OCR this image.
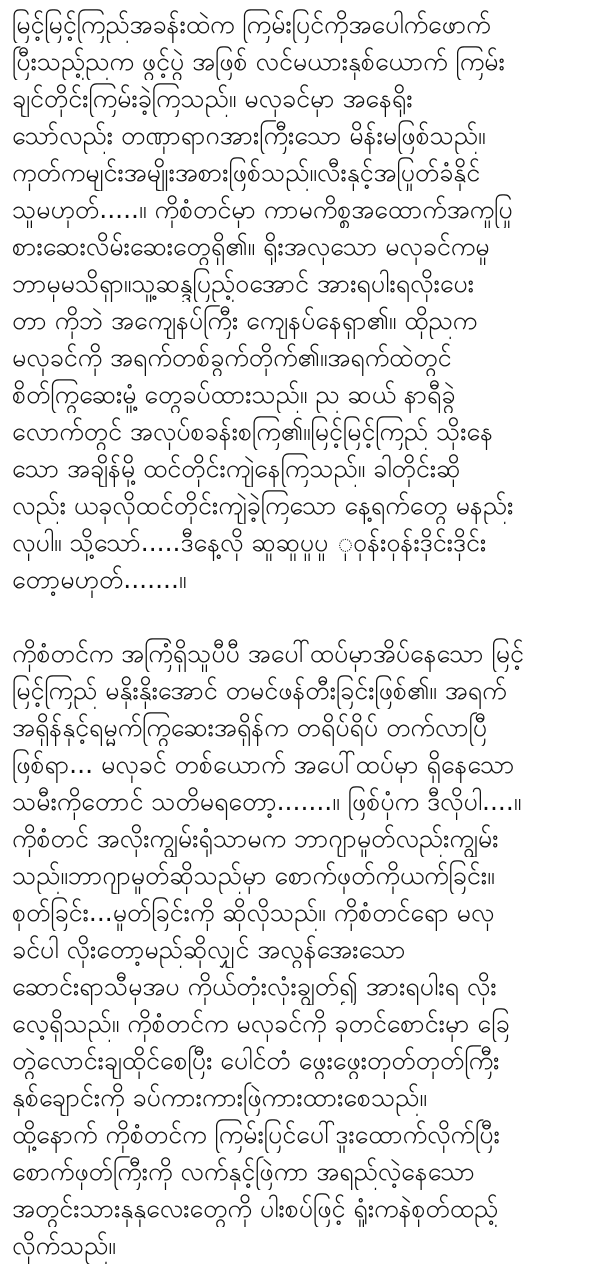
မြင့်မြင့်ကြည်အခန်းထဲက ကြမ်းပြင်ကိုအပေါက်ဖောက်
ပြီးသည့်ညက ဖွင့်ပွဲ အဖြစ် လင်မယားနှစ်ယောက် ကြမ်း
ချင်တိုင်းကြမ်းခဲ့ကြသည်။ မလှခင်မှာ အနေရိုး
သော်လည်း တဏှာရာဂအားကြီးသော မိန်းမဖြစ်သည်။
ကုတ်ကမျင်းအမျိုးအစားဖြစ်သည်။လီးနှင့်အပြုတ်ခံနိုင်
သူမဟုတ်.....။ ကိုစံတင်မှာ ကာမကိစ္စအထောက်အကူပြု
စားဆေးလိမ်းဆေးတွေရှိ၏။ ရိုးအလှသော မလှခင်ကမူ
ဘာမှမသိရှာ။သူ့ဆန္ဒပြည့်ဝအောင် အားရပါးရလိုးပေး
တာ ကိုဘဲ အကျေနပ်ကြီး ကျေနပ်နေရှာ၏။ ထိုညက
မလှခင်ကို အရက်တစ်ခွက်တိုက်၏။အရက်ထဲတွင်
စိတ်ကြွဆေးမှုံ့ တွေခပ်ထားသည်။ ည ဆယ် နာရီခွဲ
လောက်တွင် အလုပ်စခန်းစကြ၏။မြင့်မြင့်ကြည် သိုးနေ
သော အချိန်မို့ ထင်တိုင်းကျဲနေကြသည်။ ခါတိုင်းဆို
လည်း ယခုလိုထင်တိုင်းကျဲခဲ့ကြသော နေ့ရက်တွေ မနည်း
လှပါ။ သို့သော်.....ဒီနေ့လို ဆူဆူပူပူ ုဝုန်းဝုန်းဒိုင်းဒိုင်း
တော့မဟုတ်.......။
ကိုစံတင်က အကြံရှိသူပီပီ အပေါ်ထပ်မှာအိပ်နေသော မြင့်
မြင့်ကြည် မနိုးနိုးအောင် တမင်ဖန်တီးခြင်းဖြစ်၏။ အရက်
အရှိန်နှင့်ရမ္မက်ကြွဆေးအရှိန်က တရိပ်ရိပ် တက်လာပြီ
ဖြစ်ရာ... မလှခင် တစ်ယောက် အပေါ်ထပ်မှာ ရှိနေသော
သမီးကိုတောင် သတိမရတော့.......။ ဖြစ်ပုံက ဒီလိုပါ....။
ကိုစံတင် အလိုးကျွမ်းရုံသာမက ဘာဂျာမှုတ်လည်းကျွမ်း
သည်။ဘာဂျာမှုတ်ဆိုသည်မှာ စောက်ဖုတ်ကိုယက်ခြင်း။
စုတ်ခြင်း...မှုတ်ခြင်းကို ဆိုလိုသည်။ ကိုစံတင်ရော မလှ
ခင်ပါ လိုးတော့မည်ဆိုလျှင် အလွန်အေးသော
ဆောင်းရာသီမှအပ ကိုယ်တုံးလုံးချွတ်၍ အားရပါးရ လိုး
လေ့ရှိသည်။ ကိုစံတင်က မလှခင်ကို ခုတင်စောင်းမှာ ခြေ
တွဲလောင်းချထိုင်စေပြီး ပေါင်တံ ဖွေးဖွေးတုတ်တုတ်ကြီး
နှစ်ချောင်းကို ခပ်ကားကားဖြဲကားထားစေသည်။
ထို့နောက် ကိုစံတင်က ကြမ်းပြင်ပေါ်ဒူးထောက်လိုက်ပြီး
စောက်ဖုတ်ကြီးကို လက်နှင့်ဖြဲကာ အရည်လဲ့နေသော
အတွင်းသားနုနုလေးတွေကို ပါးစပ်ဖြင့် ရှုံးကနဲစုတ်ထည့်
လိုက်သည်။
